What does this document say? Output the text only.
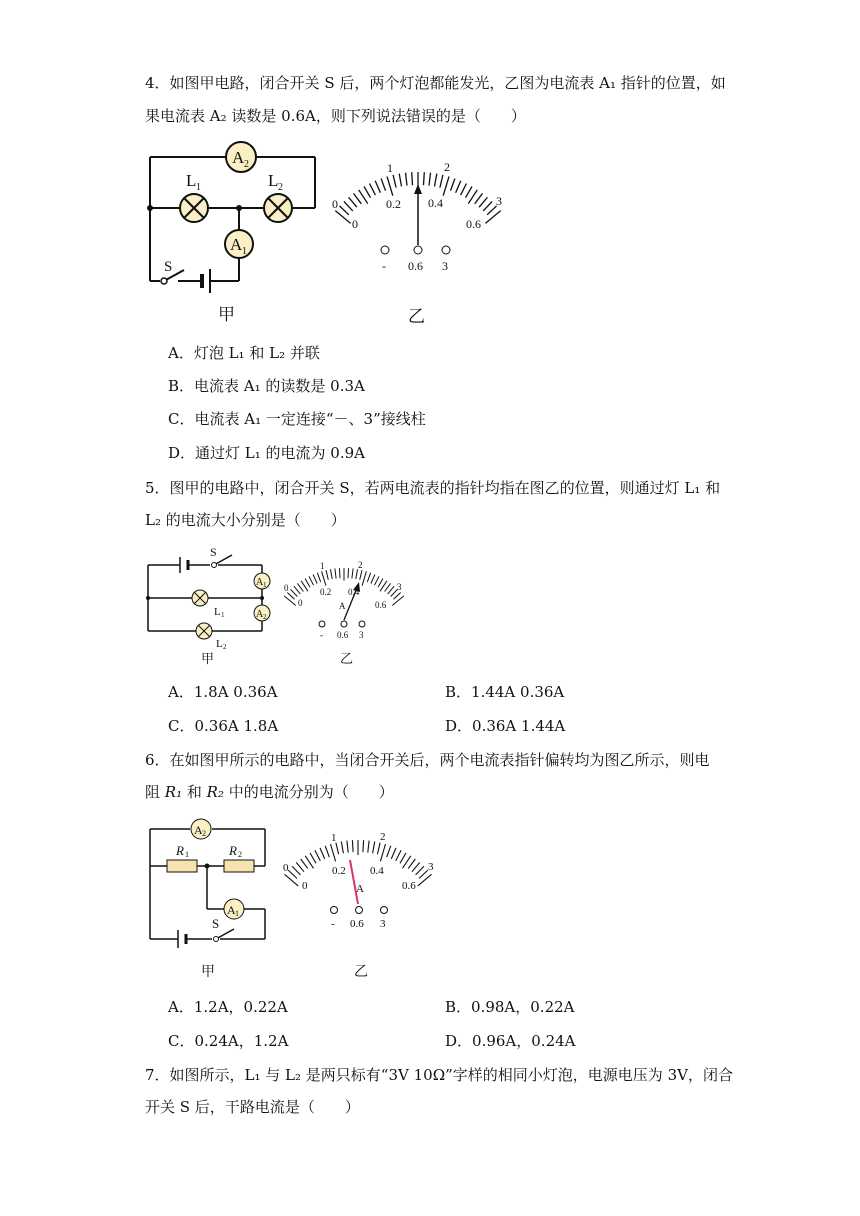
4．如图甲电路，闭合开关 S 后，两个灯泡都能发光，乙图为电流表 A₁ 指针的位置，如
果电流表 A₂ 读数是 0.6A，则下列说法错误的是（　　）
A 2
L 1	L 2
A 1
S
甲
0
1	2
3
0
0.2 0.4
0.6
- 0.6 3
乙
A．灯泡 L₁ 和 L₂ 并联
B．电流表 A₁ 的读数是 0.3A
C．电流表 A₁ 一定连接“－、3”接线柱
D．通过灯 L₁ 的电流为 0.9A
5．图甲的电路中，闭合开关 S，若两电流表的指针均指在图乙的位置，则通过灯 L₁ 和
L₂ 的电流大小分别是（　　）
S
A 1
A 2
L 1
L 2
甲
0
1	2
3
0
0.2 0.4
0.6
A
- 0.6 3
乙
A．1.8A 0.36A	B．1.44A 0.36A
C．0.36A 1.8A	D．0.36A 1.44A
6．在如图甲所示的电路中，当闭合开关后，两个电流表指针偏转均为图乙所示，则电
阻 R₁ 和 R₂ 中的电流分别为（　　）
A 2
R 1	R 2
A 1
S
甲
0
1	2
3
0
0.2 0.4
0.6
A
- 0.6 3
乙
A．1.2A，0.22A	B．0.98A，0.22A
C．0.24A，1.2A	D．0.96A，0.24A
7．如图所示，L₁ 与 L₂ 是两只标有“3V 10Ω”字样的相同小灯泡，电源电压为 3V，闭合
开关 S 后，干路电流是（　　）
